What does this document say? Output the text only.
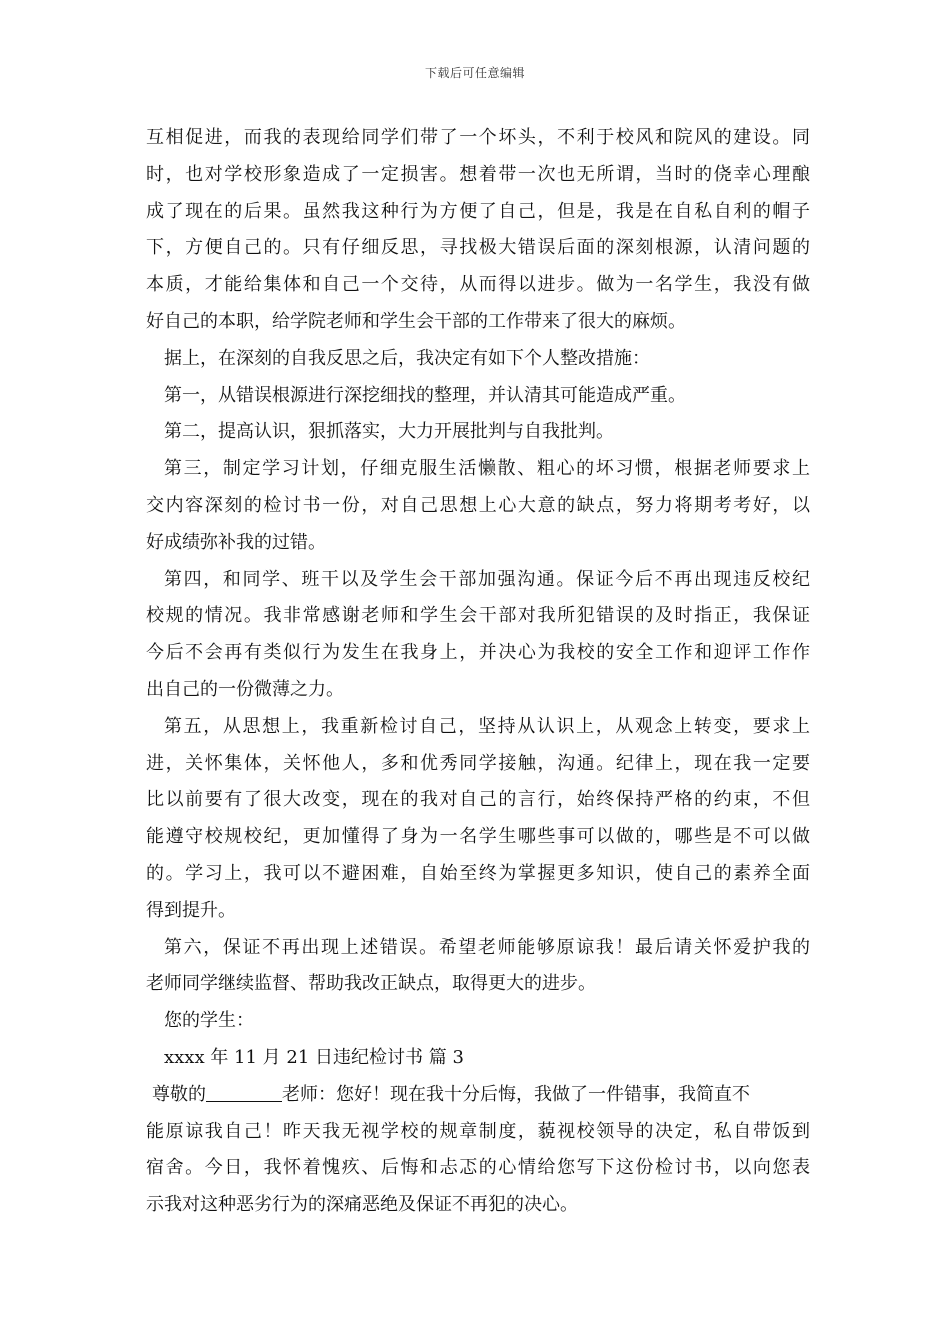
下载后可任意编辑
互相促进，而我的表现给同学们带了一个坏头，不利于校风和院风的建设。同
时，也对学校形象造成了一定损害。想着带一次也无所谓，当时的侥幸心理酿
成了现在的后果。虽然我这种行为方便了自己，但是，我是在自私自利的帽子
下，方便自己的。只有仔细反思，寻找极大错误后面的深刻根源，认清问题的
本质，才能给集体和自己一个交待，从而得以进步。做为一名学生，我没有做
好自己的本职，给学院老师和学生会干部的工作带来了很大的麻烦。
据上，在深刻的自我反思之后，我决定有如下个人整改措施：
第一，从错误根源进行深挖细找的整理，并认清其可能造成严重。
第二，提高认识，狠抓落实，大力开展批判与自我批判。
第三，制定学习计划，仔细克服生活懒散、粗心的坏习惯，根据老师要求上
交内容深刻的检讨书一份，对自己思想上心大意的缺点，努力将期考考好，以
好成绩弥补我的过错。
第四，和同学、班干以及学生会干部加强沟通。保证今后不再出现违反校纪
校规的情况。我非常感谢老师和学生会干部对我所犯错误的及时指正，我保证
今后不会再有类似行为发生在我身上，并决心为我校的安全工作和迎评工作作
出自己的一份微薄之力。
第五，从思想上，我重新检讨自己，坚持从认识上，从观念上转变，要求上
进，关怀集体，关怀他人，多和优秀同学接触，沟通。纪律上，现在我一定要
比以前要有了很大改变，现在的我对自己的言行，始终保持严格的约束，不但
能遵守校规校纪，更加懂得了身为一名学生哪些事可以做的，哪些是不可以做
的。学习上，我可以不避困难，自始至终为掌握更多知识，使自己的素养全面
得到提升。
第六，保证不再出现上述错误。希望老师能够原谅我！最后请关怀爱护我的
老师同学继续监督、帮助我改正缺点，取得更大的进步。
您的学生：
xxxx 年 11 月 21 日违纪检讨书 篇 3
尊敬的	老师：您好！现在我十分后悔，我做了一件错事，我简直不
能原谅我自己！昨天我无视学校的规章制度，藐视校领导的决定，私自带饭到
宿舍。今日，我怀着愧疚、后悔和忐忑的心情给您写下这份检讨书，以向您表
示我对这种恶劣行为的深痛恶绝及保证不再犯的决心。
